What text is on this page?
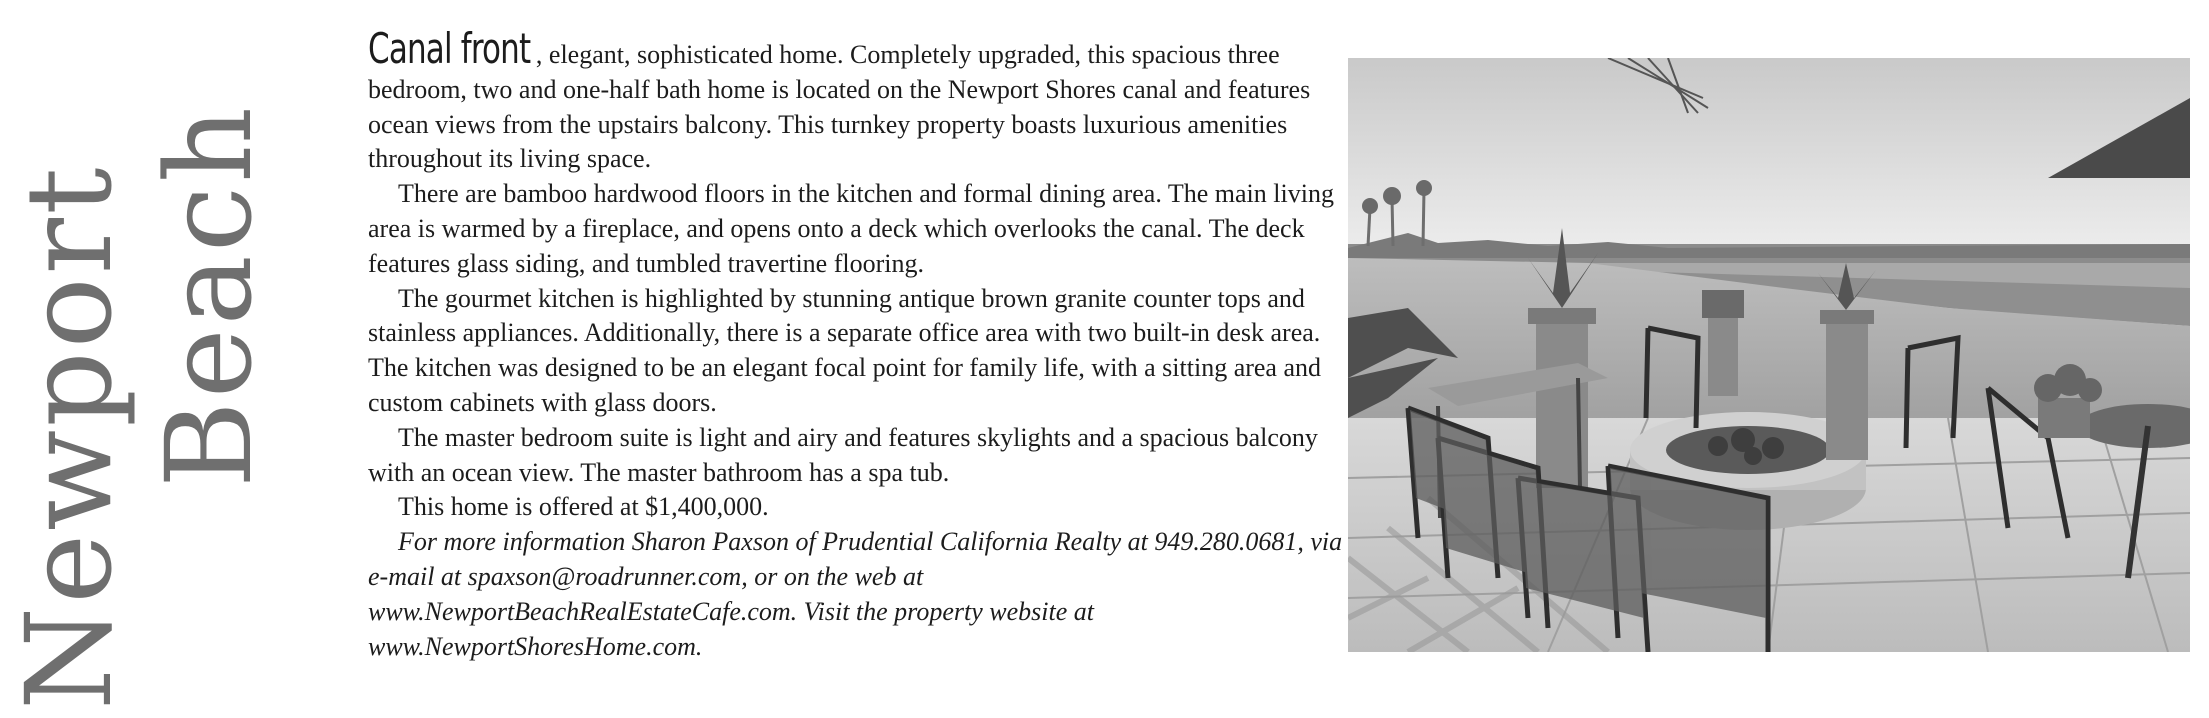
Newport Beach

Canal front , elegant, sophisticated home. Completely upgraded, this spacious three bedroom, two and one-half bath home is located on the Newport Shores canal and features ocean views from the upstairs balcony. This turnkey property boasts luxurious amenities throughout its living space.

There are bamboo hardwood floors in the kitchen and formal dining area. The main living area is warmed by a fireplace, and opens onto a deck which overlooks the canal. The deck features glass siding, and tumbled travertine flooring.

The gourmet kitchen is highlighted by stunning antique brown granite counter tops and stainless appliances. Additionally, there is a separate office area with two built-in desk area. The kitchen was designed to be an elegant focal point for family life, with a sitting area and custom cabinets with glass doors.

The master bedroom suite is light and airy and features skylights and a spacious balcony with an ocean view. The master bathroom has a spa tub.

This home is offered at $1,400,000.

For more information Sharon Paxson of Prudential California Realty at 949.280.0681, via e-mail at spaxson@roadrunner.com, or on the web at www.NewportBeachRealEstateCafe.com. Visit the property website at www.NewportShoresHome.com.
